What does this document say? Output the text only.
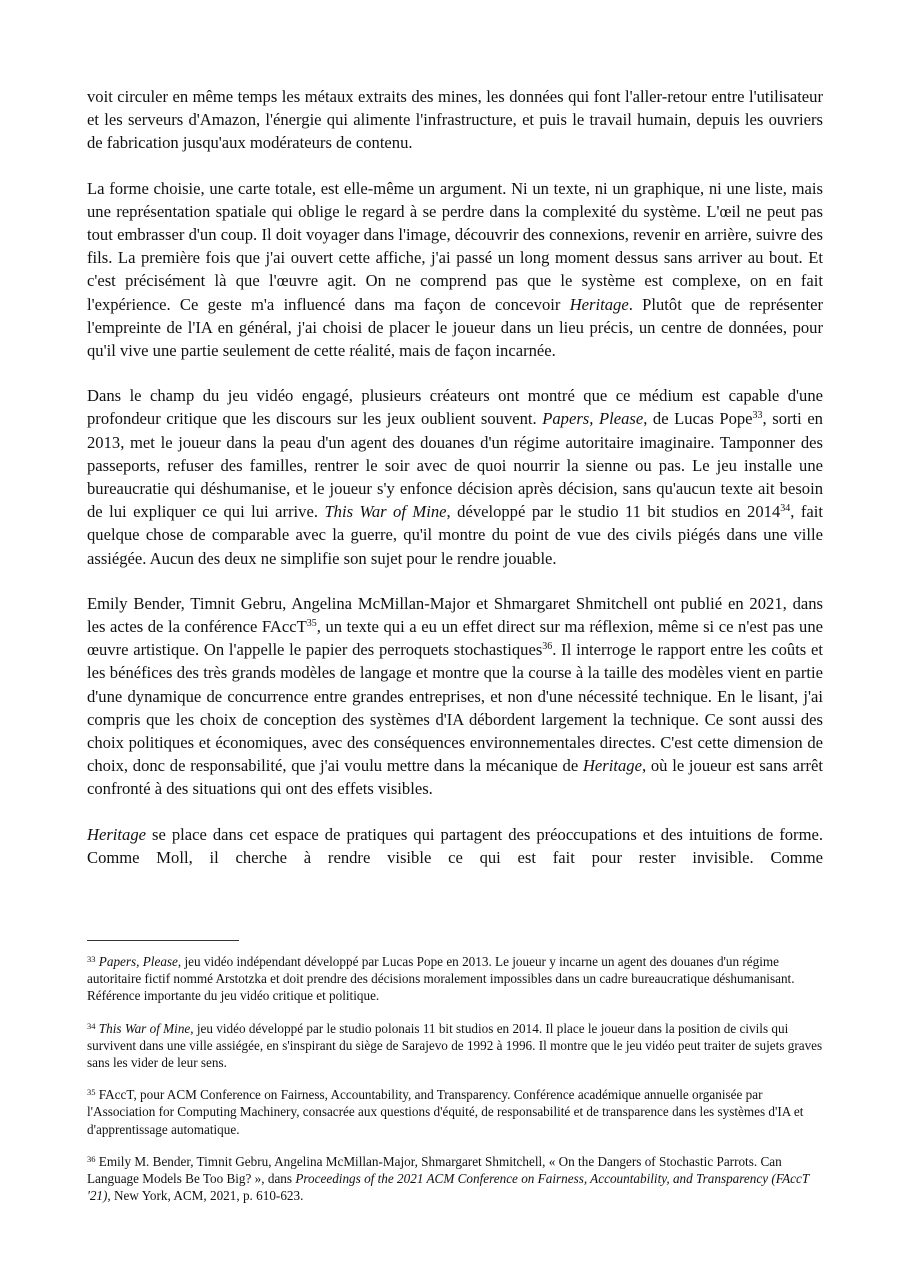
voit circuler en même temps les métaux extraits des mines, les données qui font l'aller-retour entre l'utilisateur et les serveurs d'Amazon, l'énergie qui alimente l'infrastructure, et puis le travail humain, depuis les ouvriers de fabrication jusqu'aux modérateurs de contenu.

La forme choisie, une carte totale, est elle-même un argument. Ni un texte, ni un graphique, ni une liste, mais une représentation spatiale qui oblige le regard à se perdre dans la complexité du système. L'œil ne peut pas tout embrasser d'un coup. Il doit voyager dans l'image, découvrir des connexions, revenir en arrière, suivre des fils. La première fois que j'ai ouvert cette affiche, j'ai passé un long moment dessus sans arriver au bout. Et c'est précisément là que l'œuvre agit. On ne comprend pas que le système est complexe, on en fait l'expérience. Ce geste m'a influencé dans ma façon de concevoir Heritage. Plutôt que de représenter l'empreinte de l'IA en général, j'ai choisi de placer le joueur dans un lieu précis, un centre de données, pour qu'il vive une partie seulement de cette réalité, mais de façon incarnée.

Dans le champ du jeu vidéo engagé, plusieurs créateurs ont montré que ce médium est capable d'une profondeur critique que les discours sur les jeux oublient souvent. Papers, Please, de Lucas Pope$^{33}$, sorti en 2013, met le joueur dans la peau d'un agent des douanes d'un régime autoritaire imaginaire. Tamponner des passeports, refuser des familles, rentrer le soir avec de quoi nourrir la sienne ou pas. Le jeu installe une bureaucratie qui déshumanise, et le joueur s'y enfonce décision après décision, sans qu'aucun texte ait besoin de lui expliquer ce qui lui arrive. This War of Mine, développé par le studio 11 bit studios en 2014$^{34}$, fait quelque chose de comparable avec la guerre, qu'il montre du point de vue des civils piégés dans une ville assiégée. Aucun des deux ne simplifie son sujet pour le rendre jouable.

Emily Bender, Timnit Gebru, Angelina McMillan-Major et Shmargaret Shmitchell ont publié en 2021, dans les actes de la conférence FAccT$^{35}$, un texte qui a eu un effet direct sur ma réflexion, même si ce n'est pas une œuvre artistique. On l'appelle le papier des perroquets stochastiques$^{36}$. Il interroge le rapport entre les coûts et les bénéfices des très grands modèles de langage et montre que la course à la taille des modèles vient en partie d'une dynamique de concurrence entre grandes entreprises, et non d'une nécessité technique. En le lisant, j'ai compris que les choix de conception des systèmes d'IA débordent largement la technique. Ce sont aussi des choix politiques et économiques, avec des conséquences environnementales directes. C'est cette dimension de choix, donc de responsabilité, que j'ai voulu mettre dans la mécanique de Heritage, où le joueur est sans arrêt confronté à des situations qui ont des effets visibles.

Heritage se place dans cet espace de pratiques qui partagent des préoccupations et des intuitions de forme. Comme Moll, il cherche à rendre visible ce qui est fait pour rester invisible. Comme

$^{33}$ Papers, Please, jeu vidéo indépendant développé par Lucas Pope en 2013. Le joueur y incarne un agent des douanes d'un régime autoritaire fictif nommé Arstotzka et doit prendre des décisions moralement impossibles dans un cadre bureaucratique déshumanisant. Référence importante du jeu vidéo critique et politique.

$^{34}$ This War of Mine, jeu vidéo développé par le studio polonais 11 bit studios en 2014. Il place le joueur dans la position de civils qui survivent dans une ville assiégée, en s'inspirant du siège de Sarajevo de 1992 à 1996. Il montre que le jeu vidéo peut traiter de sujets graves sans les vider de leur sens.

$^{35}$ FAccT, pour ACM Conference on Fairness, Accountability, and Transparency. Conférence académique annuelle organisée par l'Association for Computing Machinery, consacrée aux questions d'équité, de responsabilité et de transparence dans les systèmes d'IA et d'apprentissage automatique.

$^{36}$ Emily M. Bender, Timnit Gebru, Angelina McMillan-Major, Shmargaret Shmitchell, « On the Dangers of Stochastic Parrots. Can Language Models Be Too Big? », dans Proceedings of the 2021 ACM Conference on Fairness, Accountability, and Transparency (FAccT '21), New York, ACM, 2021, p. 610-623.
